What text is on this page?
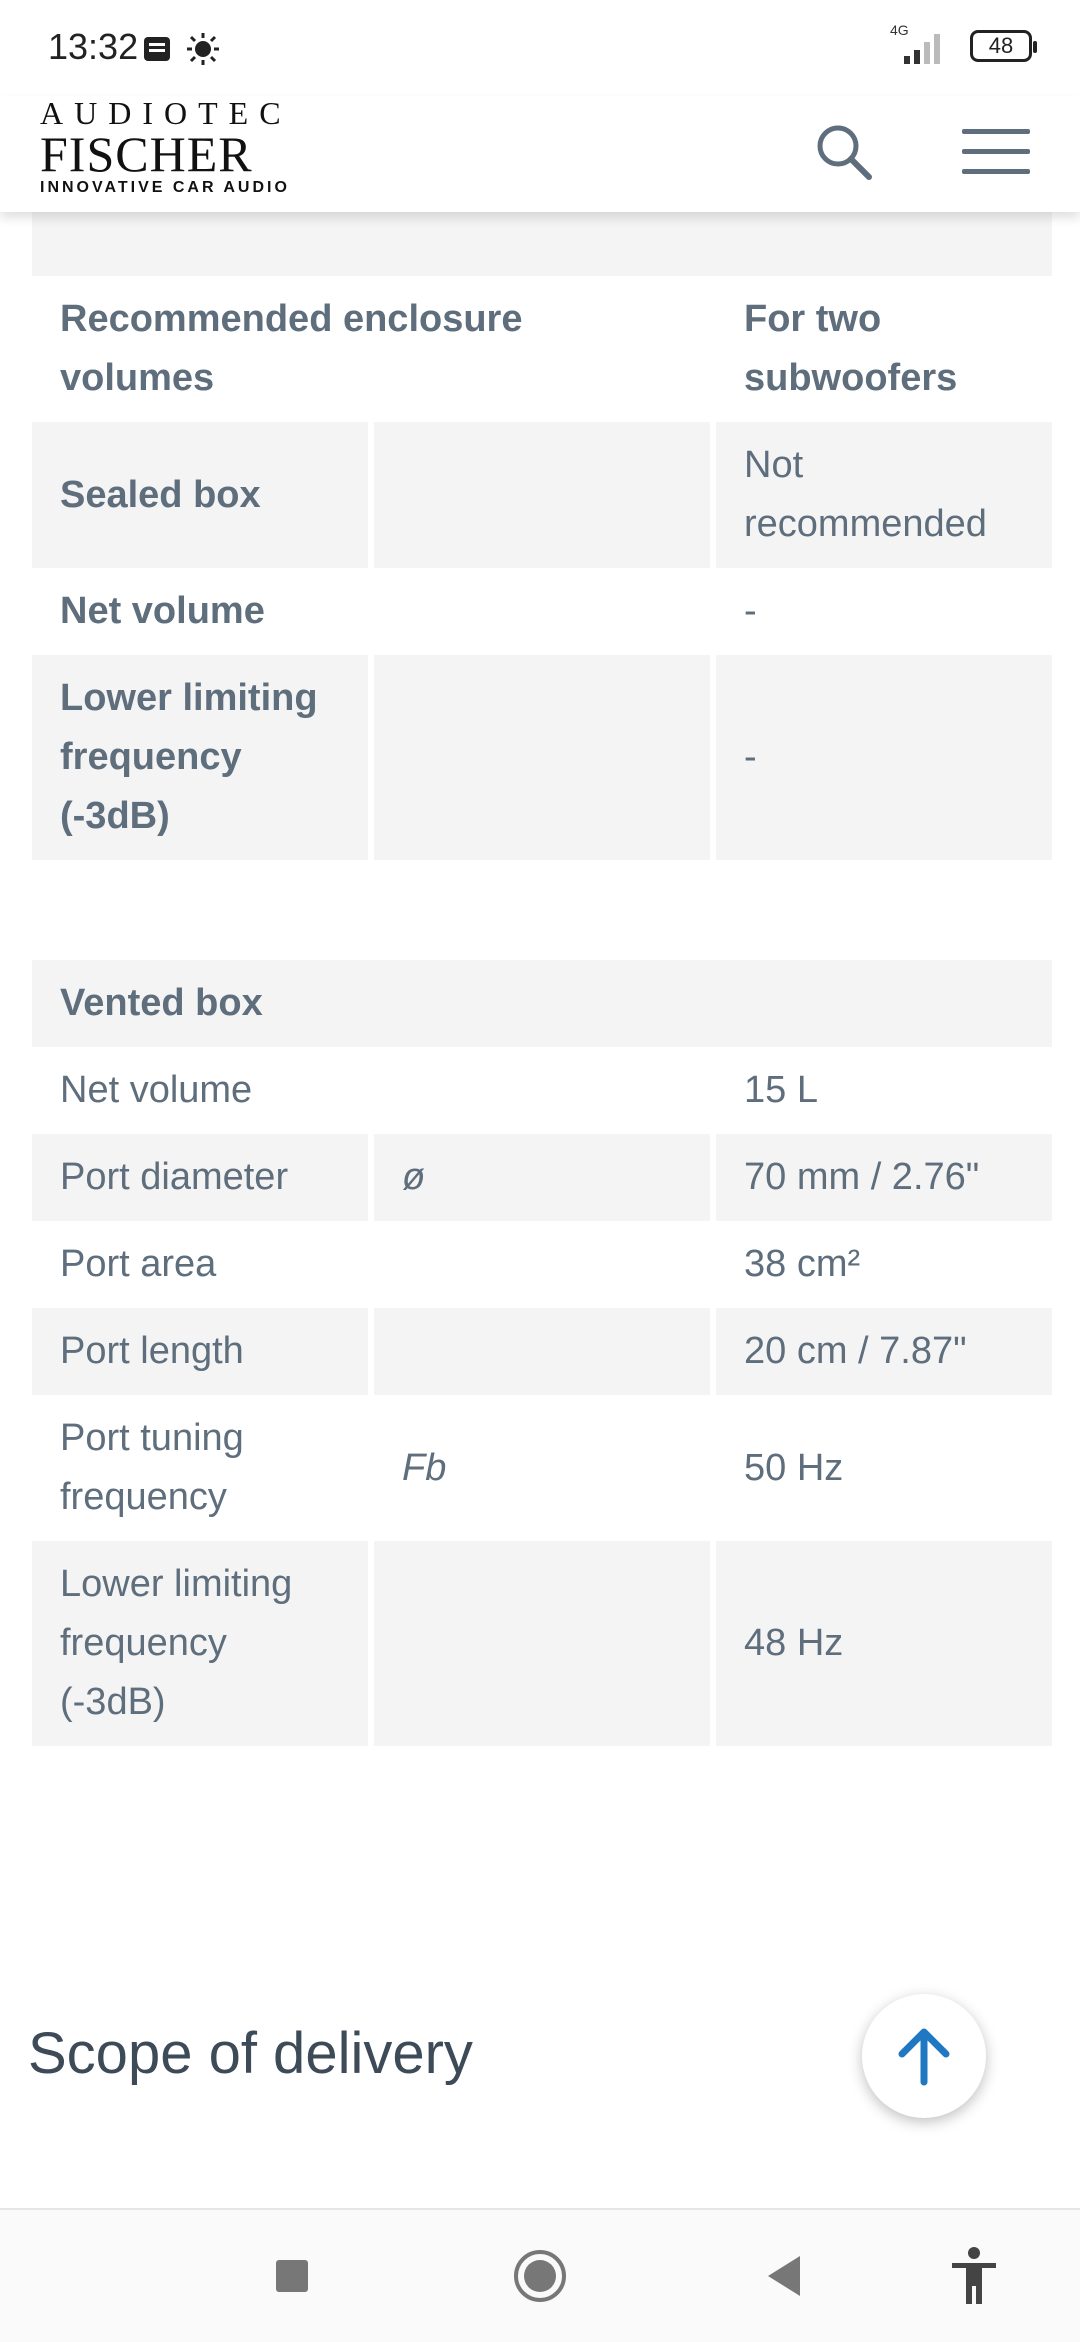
13:32	4G
48
AUDIOTEC
FISCHER
INNOVATIVE CAR AUDIO

Recommended enclosure volumes		For two subwoofers
Sealed box		Not recommended
Net volume		-
Lower limiting frequency (-3dB)		-
Vented box		
Net volume		15 L
Port diameter	ø	70 mm / 2.76"
Port area		38 cm²
Port length		20 cm / 7.87"
Port tuning frequency	Fb	50 Hz
Lower limiting frequency (-3dB)		48 Hz
Scope of delivery
